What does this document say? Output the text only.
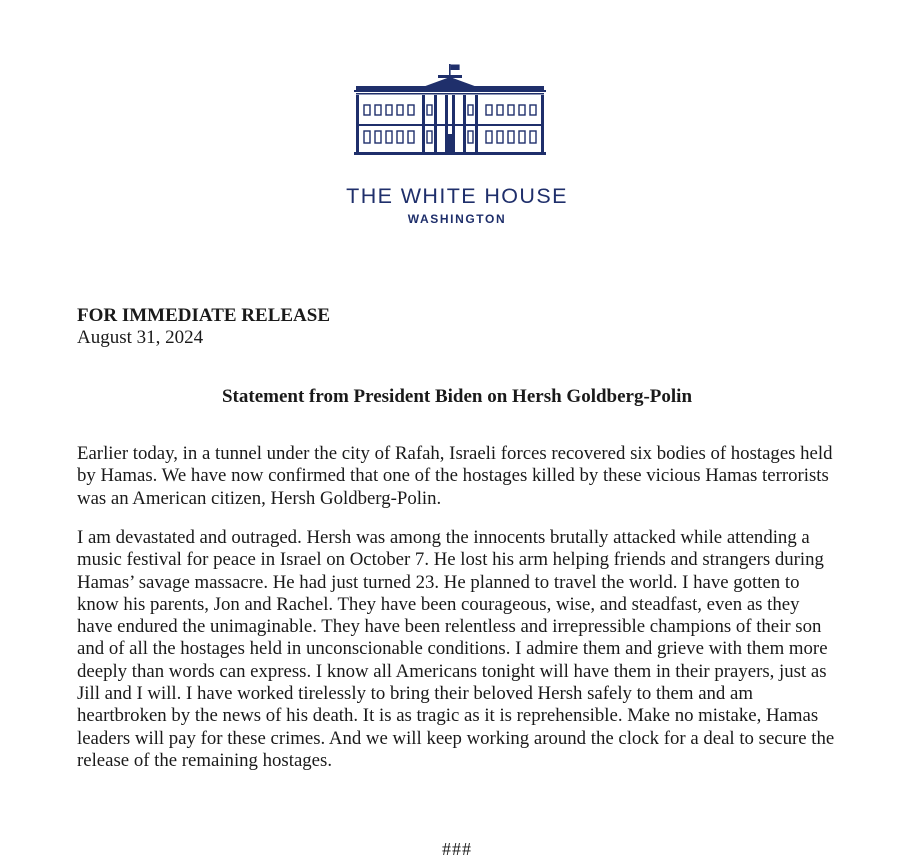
THE WHITE HOUSE
WASHINGTON
FOR IMMEDIATE RELEASE
August 31, 2024
Statement from President Biden on Hersh Goldberg-Polin

Earlier today, in a tunnel under the city of Rafah, Israeli forces recovered six bodies of hostages held by Hamas. We have now confirmed that one of the hostages killed by these vicious Hamas terrorists was an American citizen, Hersh Goldberg-Polin.

I am devastated and outraged. Hersh was among the innocents brutally attacked while attending a music festival for peace in Israel on October 7. He lost his arm helping friends and strangers during Hamas’ savage massacre. He had just turned 23. He planned to travel the world. I have gotten to know his parents, Jon and Rachel. They have been courageous, wise, and steadfast, even as they have endured the unimaginable. They have been relentless and irrepressible champions of their son and of all the hostages held in unconscionable conditions. I admire them and grieve with them more deeply than words can express. I know all Americans tonight will have them in their prayers, just as Jill and I will. I have worked tirelessly to bring their beloved Hersh safely to them and am heartbroken by the news of his death. It is as tragic as it is reprehensible. Make no mistake, Hamas leaders will pay for these crimes. And we will keep working around the clock for a deal to secure the release of the remaining hostages.

###
